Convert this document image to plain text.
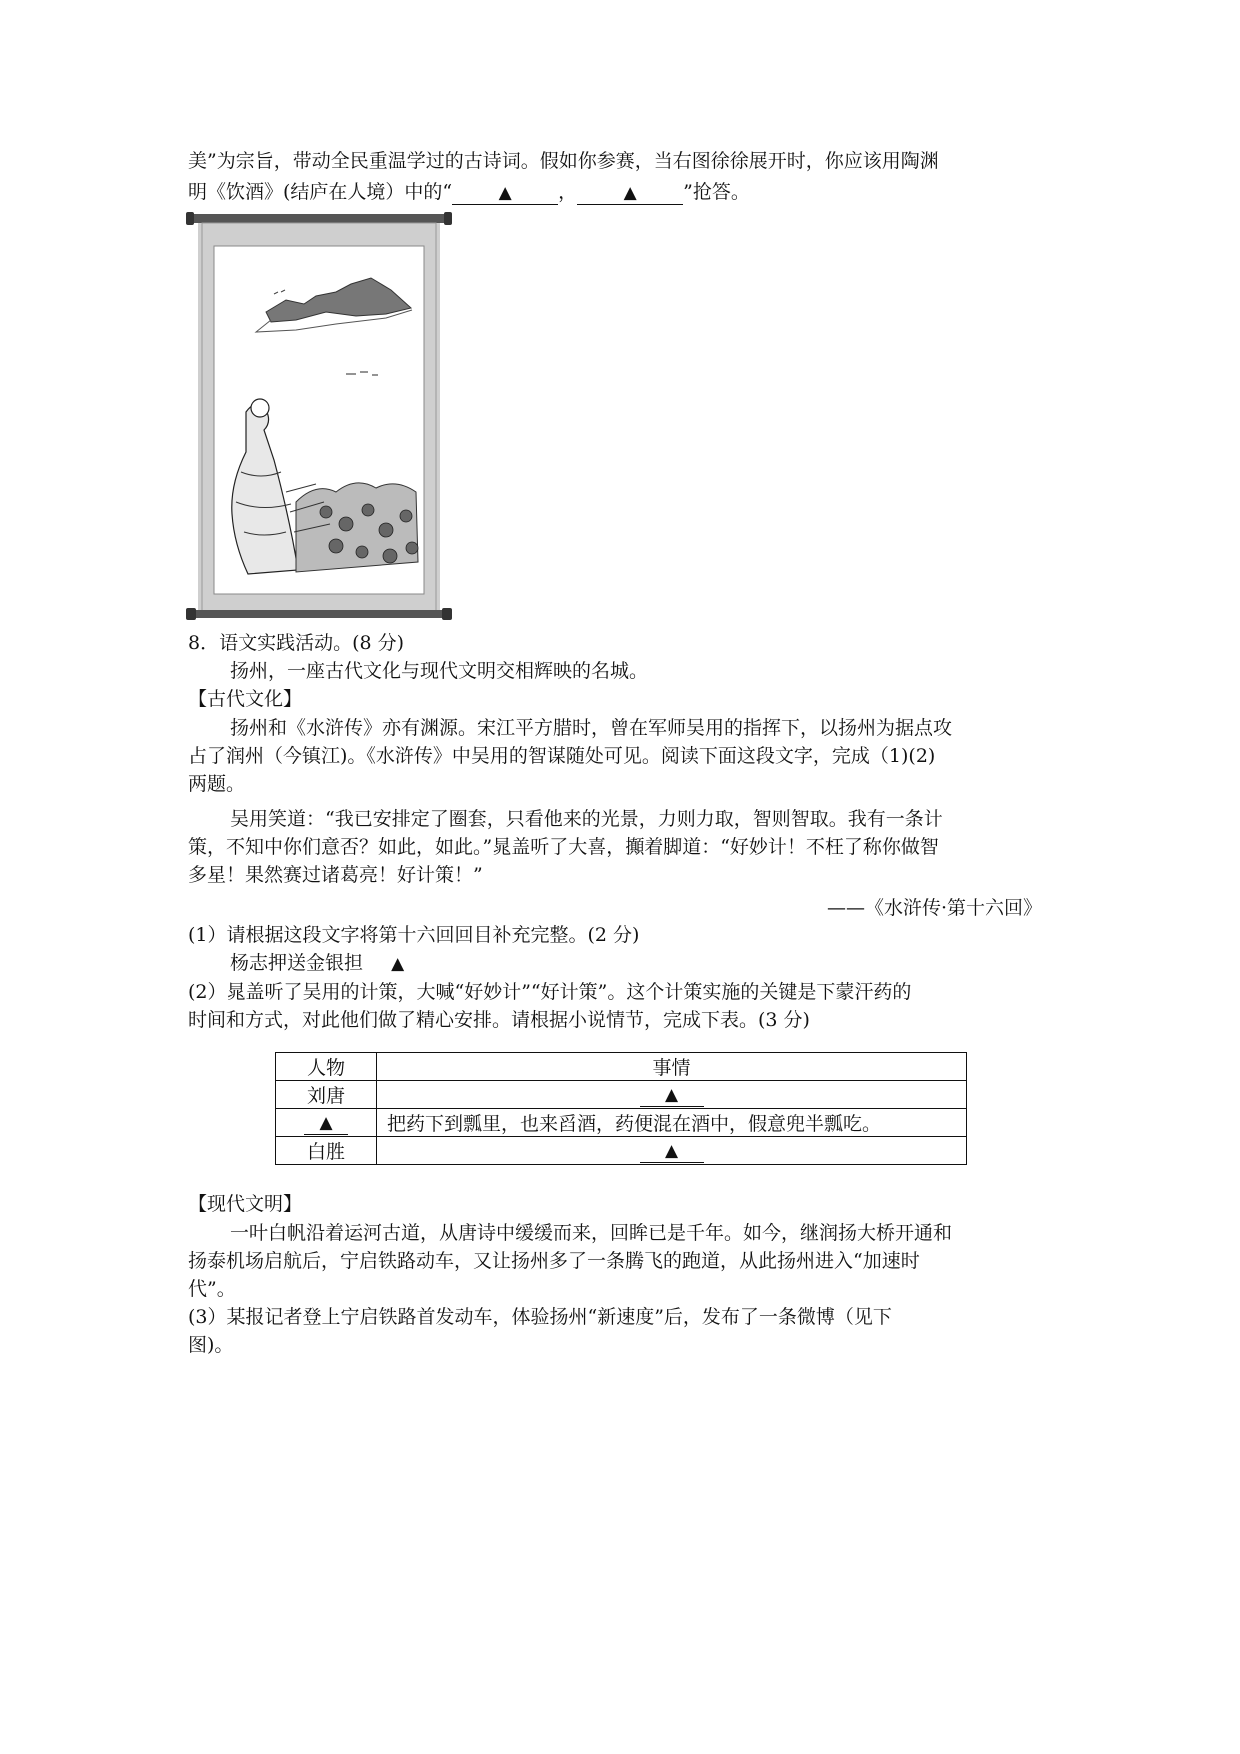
美”为宗旨，带动全民重温学过的古诗词。假如你参赛，当右图徐徐展开时，你应该用陶渊
明《饮酒》(结庐在人境）中的“	▲ ，	▲ ”抢答。
8．语文实践活动。(8 分)
扬州，一座古代文化与现代文明交相辉映的名城。
【古代文化】
扬州和《水浒传》亦有渊源。宋江平方腊时，曾在军师吴用的指挥下，以扬州为据点攻
占了润州（今镇江)。《水浒传》中吴用的智谋随处可见。阅读下面这段文字，完成（1)(2)
两题。
吴用笑道：“我已安排定了圈套，只看他来的光景，力则力取，智则智取。我有一条计
策，不知中你们意否？如此，如此。”晁盖听了大喜，攧着脚道：“好妙计！不枉了称你做智
多星！果然赛过诸葛亮！好计策！”
——《水浒传·第十六回》
(1）请根据这段文字将第十六回回目补充完整。(2 分)
杨志押送金银担 ▲
(2）晁盖听了吴用的计策，大喊“好妙计”“好计策”。这个计策实施的关键是下蒙汗药的
时间和方式，对此他们做了精心安排。请根据小说情节，完成下表。(3 分)
人物	事情
刘唐	▲
▲	把药下到瓢里，也来舀酒，药便混在酒中，假意兜半瓢吃。
白胜	▲
【现代文明】
一叶白帆沿着运河古道，从唐诗中缓缓而来，回眸已是千年。如今，继润扬大桥开通和
扬泰机场启航后，宁启铁路动车，又让扬州多了一条腾飞的跑道，从此扬州进入“加速时
代”。
(3）某报记者登上宁启铁路首发动车，体验扬州“新速度”后，发布了一条微博（见下
图)。
